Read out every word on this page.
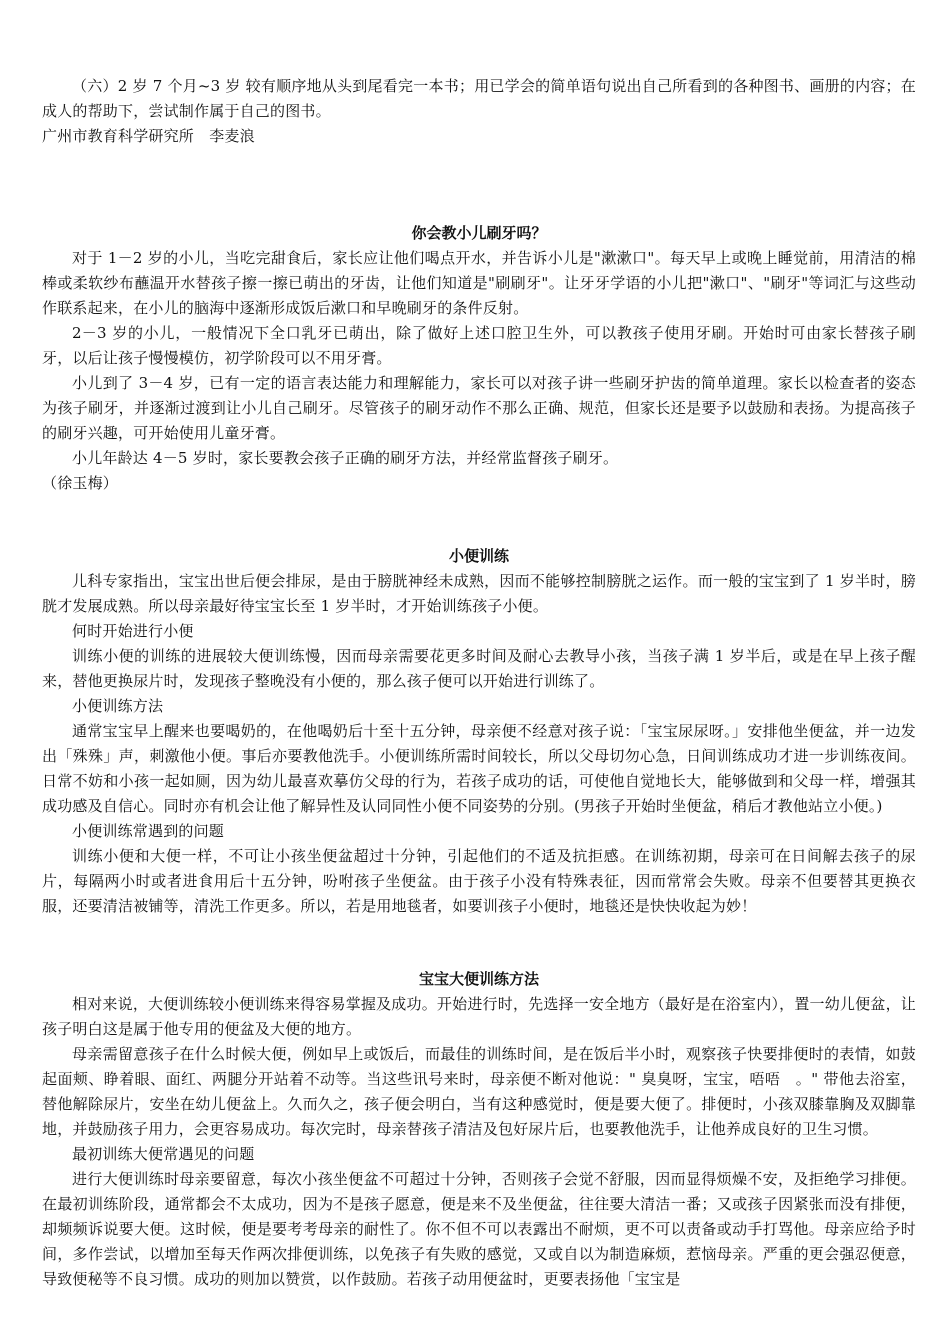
（六）2 岁 7 个月~3 岁 较有顺序地从头到尾看完一本书；用已学会的简单语句说出自己所看到的各种图书、画册的内容；在成人的帮助下，尝试制作属于自己的图书。

广州市教育科学研究所　李麦浪

你会教小儿刷牙吗？

对于 1－2 岁的小儿，当吃完甜食后，家长应让他们喝点开水，并告诉小儿是"漱漱口"。每天早上或晚上睡觉前，用清洁的棉棒或柔软纱布蘸温开水替孩子擦一擦已萌出的牙齿，让他们知道是"刷刷牙"。让牙牙学语的小儿把"漱口"、"刷牙"等词汇与这些动作联系起来，在小儿的脑海中逐渐形成饭后漱口和早晚刷牙的条件反射。

2－3 岁的小儿，一般情况下全口乳牙已萌出，除了做好上述口腔卫生外，可以教孩子使用牙刷。开始时可由家长替孩子刷牙，以后让孩子慢慢模仿，初学阶段可以不用牙膏。

小儿到了 3－4 岁，已有一定的语言表达能力和理解能力，家长可以对孩子讲一些刷牙护齿的简单道理。家长以检查者的姿态为孩子刷牙，并逐渐过渡到让小儿自己刷牙。尽管孩子的刷牙动作不那么正确、规范，但家长还是要予以鼓励和表扬。为提高孩子的刷牙兴趣，可开始使用儿童牙膏。

小儿年龄达 4－5 岁时，家长要教会孩子正确的刷牙方法，并经常监督孩子刷牙。

（徐玉梅）

小便训练

儿科专家指出，宝宝出世后便会排尿，是由于膀胱神经未成熟，因而不能够控制膀胱之运作。而一般的宝宝到了 1 岁半时，膀胱才发展成熟。所以母亲最好待宝宝长至 1 岁半时，才开始训练孩子小便。

何时开始进行小便

训练小便的训练的进展较大便训练慢，因而母亲需要花更多时间及耐心去教导小孩，当孩子满 1 岁半后，或是在早上孩子醒来，替他更换尿片时，发现孩子整晚没有小便的，那么孩子便可以开始进行训练了。

小便训练方法

通常宝宝早上醒来也要喝奶的，在他喝奶后十至十五分钟，母亲便不经意对孩子说：「宝宝尿尿呀。」安排他坐便盆，并一边发出「殊殊」声，刺激他小便。事后亦要教他洗手。小便训练所需时间较长，所以父母切勿心急，日间训练成功才进一步训练夜间。日常不妨和小孩一起如厕，因为幼儿最喜欢摹仿父母的行为，若孩子成功的话，可使他自觉地长大，能够做到和父母一样，增强其成功感及自信心。同时亦有机会让他了解异性及认同同性小便不同姿势的分别。(男孩子开始时坐便盆，稍后才教他站立小便。)

小便训练常遇到的问题

训练小便和大便一样，不可让小孩坐便盆超过十分钟，引起他们的不适及抗拒感。在训练初期，母亲可在日间解去孩子的尿片，每隔两小时或者进食用后十五分钟，吩咐孩子坐便盆。由于孩子小没有特殊表征，因而常常会失败。母亲不但要替其更换衣服，还要清洁被铺等，清洗工作更多。所以，若是用地毯者，如要训孩子小便时，地毯还是快快收起为妙！

宝宝大便训练方法

相对来说，大便训练较小便训练来得容易掌握及成功。开始进行时，先选择一安全地方（最好是在浴室内），置一幼儿便盆，让孩子明白这是属于他专用的便盆及大便的地方。

母亲需留意孩子在什么时候大便，例如早上或饭后，而最佳的训练时间，是在饭后半小时，观察孩子快要排便时的表情，如鼓起面颊、睁着眼、面红、两腿分开站着不动等。当这些讯号来时，母亲便不断对他说：" 臭臭呀，宝宝，唔唔　。" 带他去浴室，替他解除尿片，安坐在幼儿便盆上。久而久之，孩子便会明白，当有这种感觉时，便是要大便了。排便时，小孩双膝靠胸及双脚靠地，并鼓励孩子用力，会更容易成功。每次完时，母亲替孩子清洁及包好尿片后，也要教他洗手，让他养成良好的卫生习惯。

最初训练大便常遇见的问题

进行大便训练时母亲要留意，每次小孩坐便盆不可超过十分钟，否则孩子会觉不舒服，因而显得烦燥不安，及拒绝学习排便。在最初训练阶段，通常都会不太成功，因为不是孩子愿意，便是来不及坐便盆，往往要大清洁一番；又或孩子因紧张而没有排便，却频频诉说要大便。这时候，便是要考考母亲的耐性了。你不但不可以表露出不耐烦，更不可以责备或动手打骂他。母亲应给予时间，多作尝试，以增加至每天作两次排便训练，以免孩子有失败的感觉，又或自以为制造麻烦，惹恼母亲。严重的更会强忍便意，导致便秘等不良习惯。成功的则加以赞赏，以作鼓励。若孩子动用便盆时，更要表扬他「宝宝是
